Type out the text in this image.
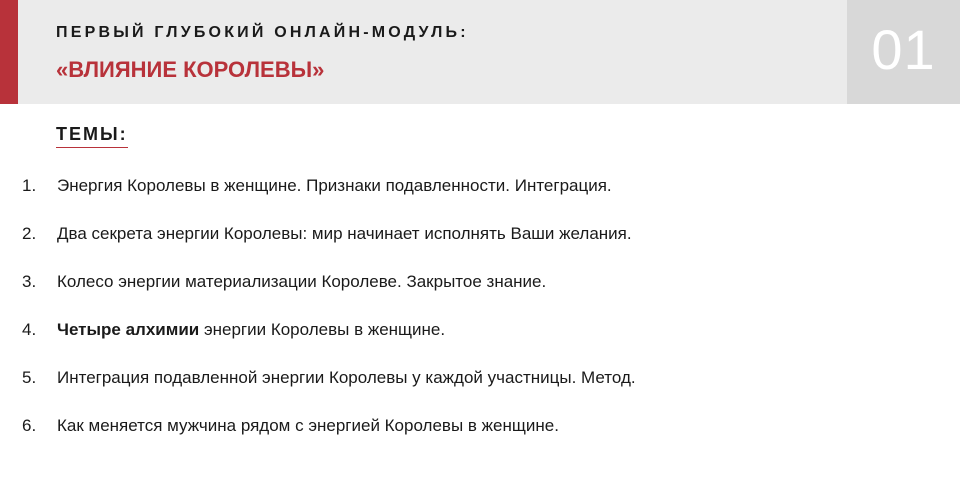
ПЕРВЫЙ ГЛУБОКИЙ ОНЛАЙН-МОДУЛЬ:
«ВЛИЯНИЕ КОРОЛЕВЫ»	01
ТЕМЫ:
1. Энергия Королевы в женщине. Признаки подавленности. Интеграция.
2. Два секрета энергии Королевы: мир начинает исполнять Ваши желания.
3. Колесо энергии материализации Королеве. Закрытое знание.
4. Четыре алхимии энергии Королевы в женщине.
5. Интеграция подавленной энергии Королевы у каждой участницы. Метод.
6. Как меняется мужчина рядом с энергией Королевы в женщине.
